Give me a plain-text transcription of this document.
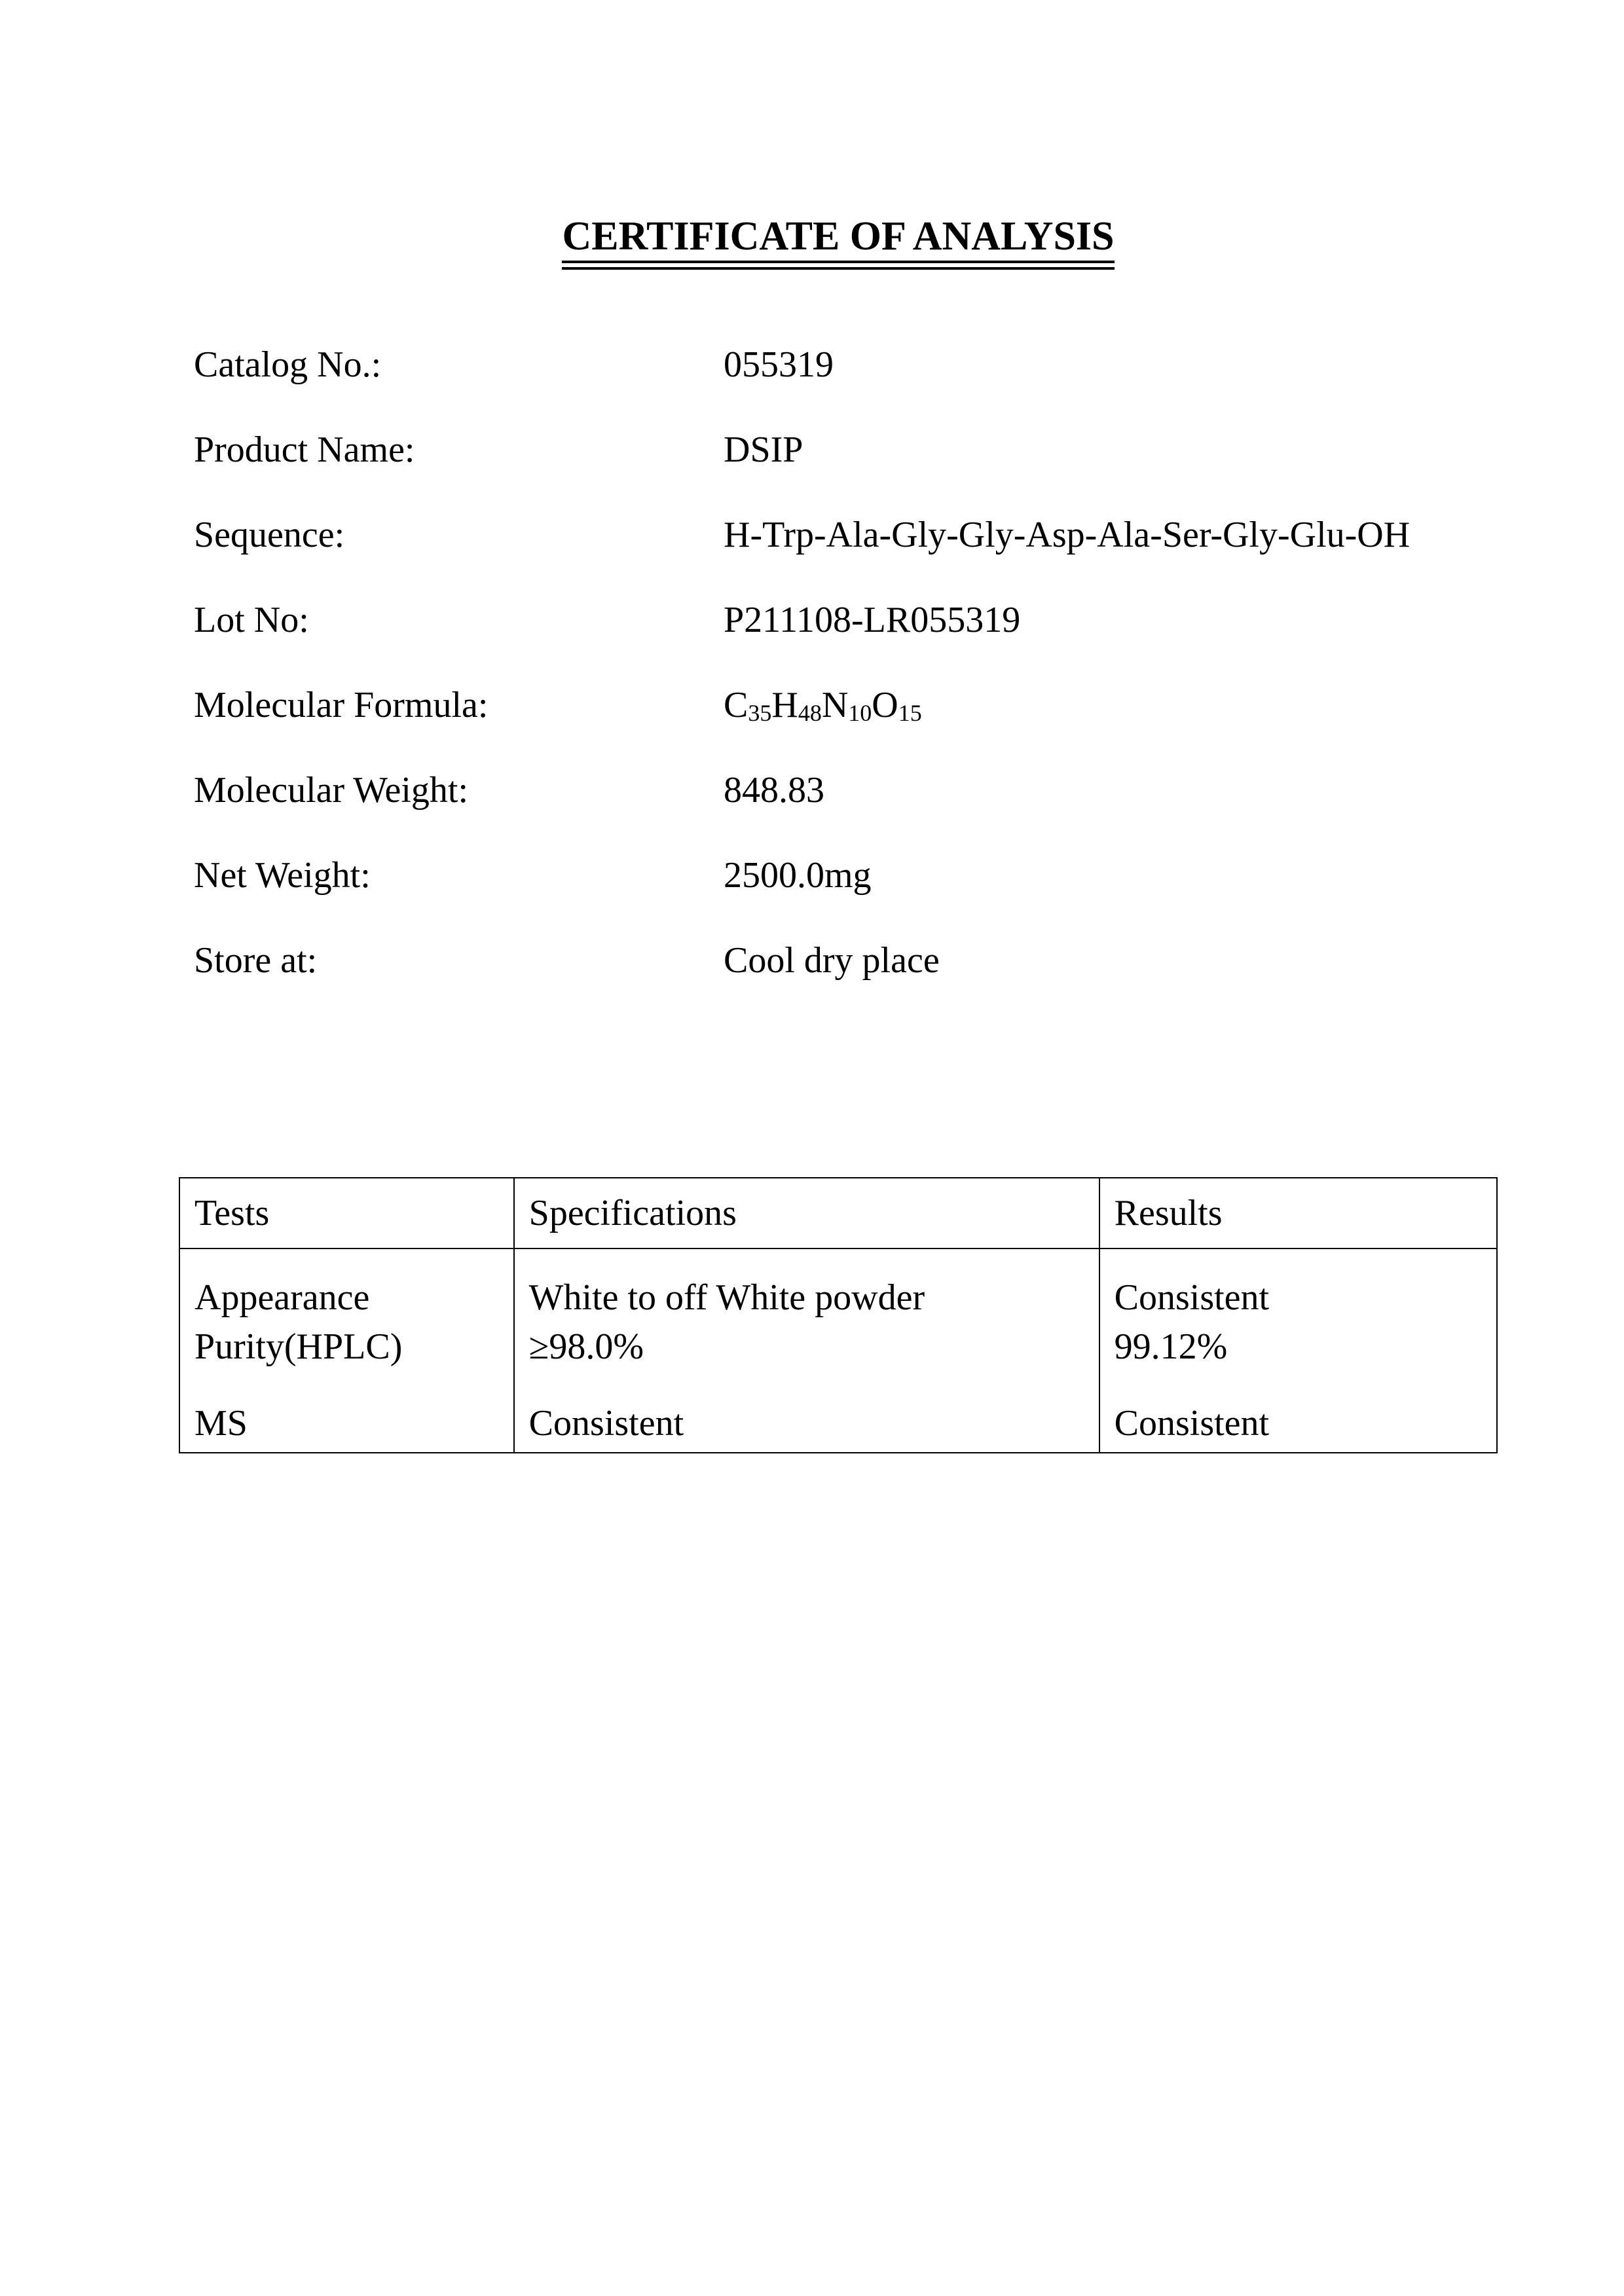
CERTIFICATE OF ANALYSIS
Catalog No.:	055319
Product Name:	DSIP
Sequence:	H-Trp-Ala-Gly-Gly-Asp-Ala-Ser-Gly-Glu-OH
Lot No:	P211108-LR055319
Molecular Formula:	$C_{35}H_{48}N_{10}O_{15}$
Molecular Weight:	848.83
Net Weight:	2500.0mg
Store at:	Cool dry place
Tests	Specifications	Results
Appearance	White to off White powder	Consistent
Purity(HPLC)	≥98.0%	99.12%
MS	Consistent	Consistent
